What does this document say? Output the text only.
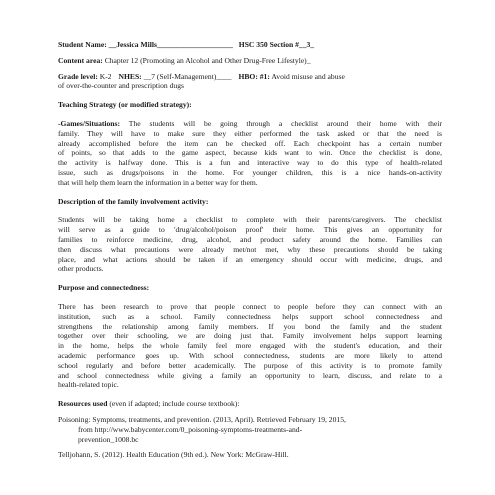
Student Name: __Jessica Mills____________________ HSC 350 Section #__3_
Content area: Chapter 12 (Promoting an Alcohol and Other Drug-Free Lifestyle)_
Grade level: K-2 NHES: __7 (Self-Management)____ HBO: #1: Avoid misuse and abuse
of over-the-counter and prescription dugs
Teaching Strategy (or modified strategy):
-Games/Situations: The students will be going through a checklist around their home with their
family. They will have to make sure they either performed the task asked or that the need is
already accomplished before the item can be checked off. Each checkpoint has a certain number
of points, so that adds to the game aspect, because kids want to win. Once the checklist is done,
the activity is halfway done. This is a fun and interactive way to do this type of health-related
issue, such as drugs/poisons in the home. For younger children, this is a nice hands-on-activity
that will help them learn the information in a better way for them.
Description of the family involvement activity:
Students will be taking home a checklist to complete with their parents/caregivers. The checklist
will serve as a guide to 'drug/alcohol/poison proof' their home. This gives an opportunity for
families to reinforce medicine, drug, alcohol, and product safety around the home. Families can
then discuss what precautions were already met/not met, why these precautions should be taking
place, and what actions should be taken if an emergency should occur with medicine, drugs, and
other products.
Purpose and connectedness:
There has been research to prove that people connect to people before they can connect with an
institution, such as a school. Family connectedness helps support school connectedness and
strengthens the relationship among family members. If you bond the family and the student
together over their schooling, we are doing just that. Family involvement helps support learning
in the home, helps the whole family feel more engaged with the student's education, and their
academic performance goes up. With school connectedness, students are more likely to attend
school regularly and before better academically. The purpose of this activity is to promote family
and school connectedness while giving a family an opportunity to learn, discuss, and relate to a
health-related topic.
Resources used (even if adapted; include course textbook):
Poisoning: Symptoms, treatments, and prevention. (2013, April). Retrieved February 19, 2015,
from http://www.babycenter.com/0_poisoning-symptoms-treatments-and-
prevention_1008.bc
Telljohann, S. (2012). Health Education (9th ed.). New York: McGraw-Hill.
